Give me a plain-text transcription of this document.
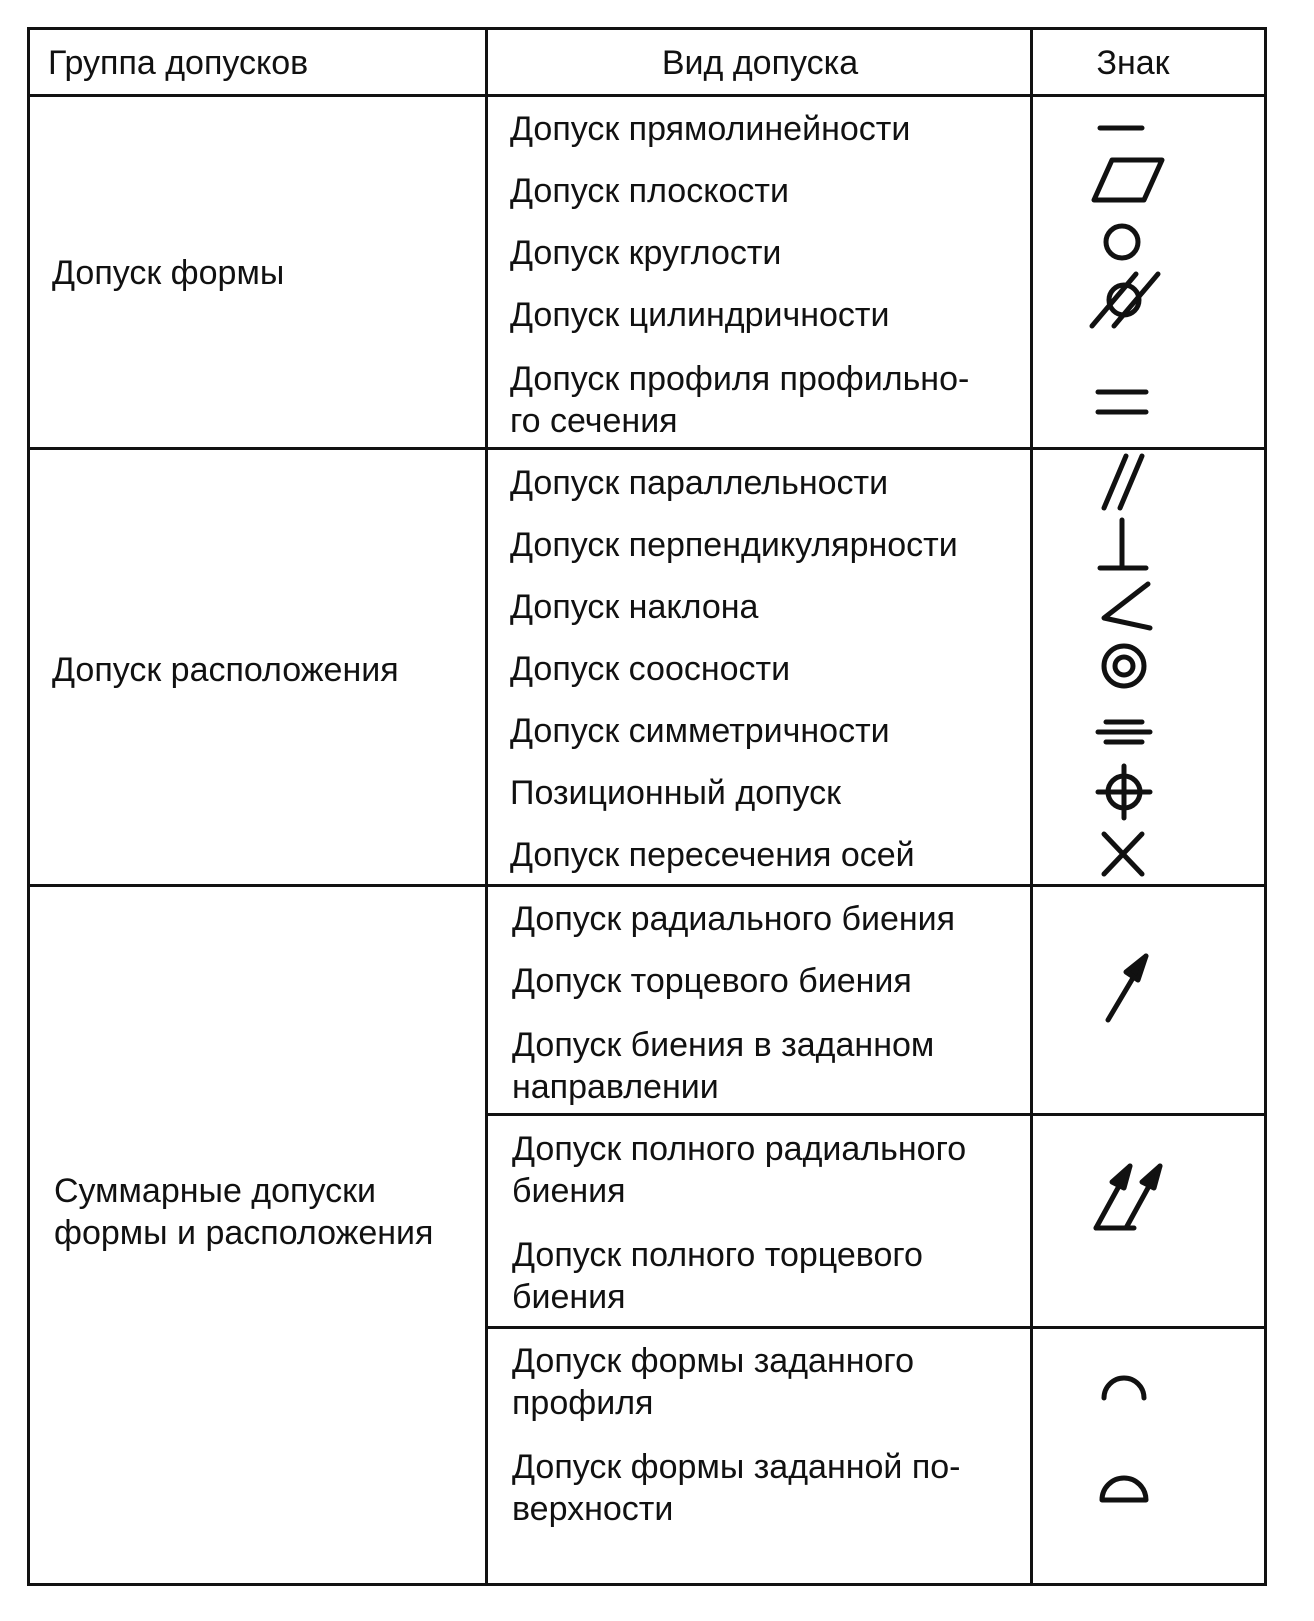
Группа допусков	Вид допуска	Знак
Допуск формы
Допуск прямолинейности
Допуск плоскости
Допуск круглости
Допуск цилиндричности
Допуск профиля профильно-
го сечения
Допуск расположения
Допуск параллельности
Допуск перпендикулярности
Допуск наклона
Допуск соосности
Допуск симметричности
Позиционный допуск
Допуск пересечения осей
Суммарные допуски
формы и расположения
Допуск радиального биения
Допуск торцевого биения
Допуск биения в заданном
направлении
Допуск полного радиального
биения
Допуск полного торцевого
биения
Допуск формы заданного
профиля
Допуск формы заданной по-
верхности
